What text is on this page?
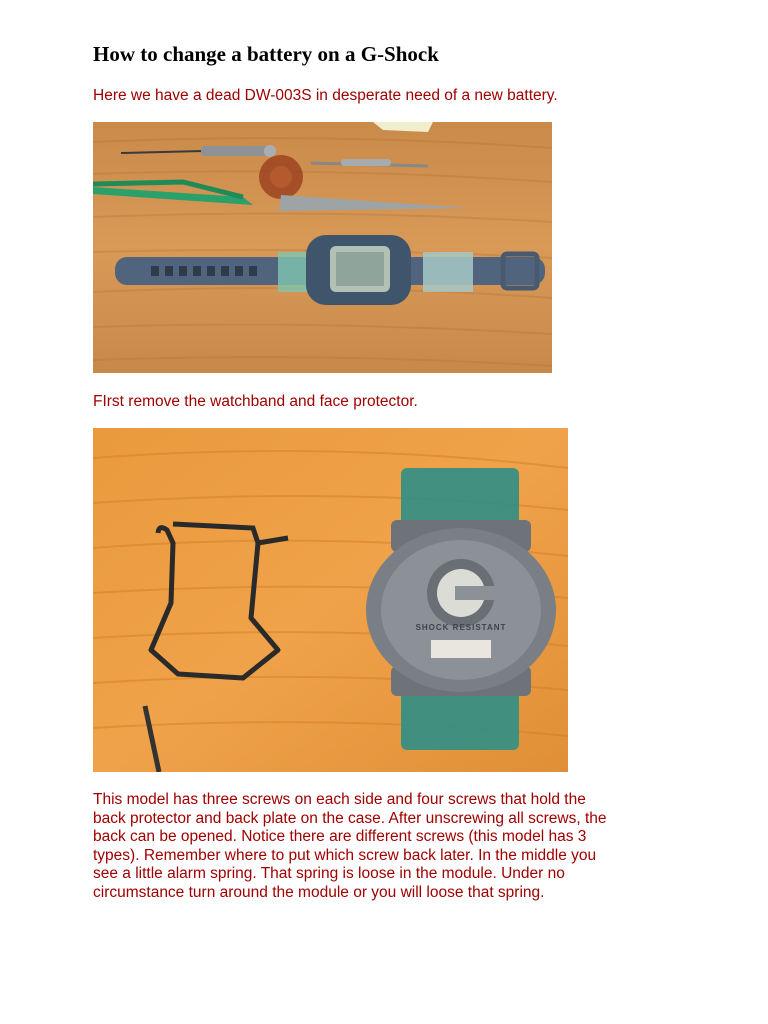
How to change a battery on a G-Shock

Here we have a dead DW-003S in desperate need of a new battery.

FIrst remove the watchband and face protector.

SHOCK RESISTANT
This model has three screws on each side and four screws that hold the
back protector and back plate on the case. After unscrewing all screws, the
back can be opened. Notice there are different screws (this model has 3
types). Remember where to put which screw back later. In the middle you
see a little alarm spring. That spring is loose in the module. Under no
circumstance turn around the module or you will loose that spring.
